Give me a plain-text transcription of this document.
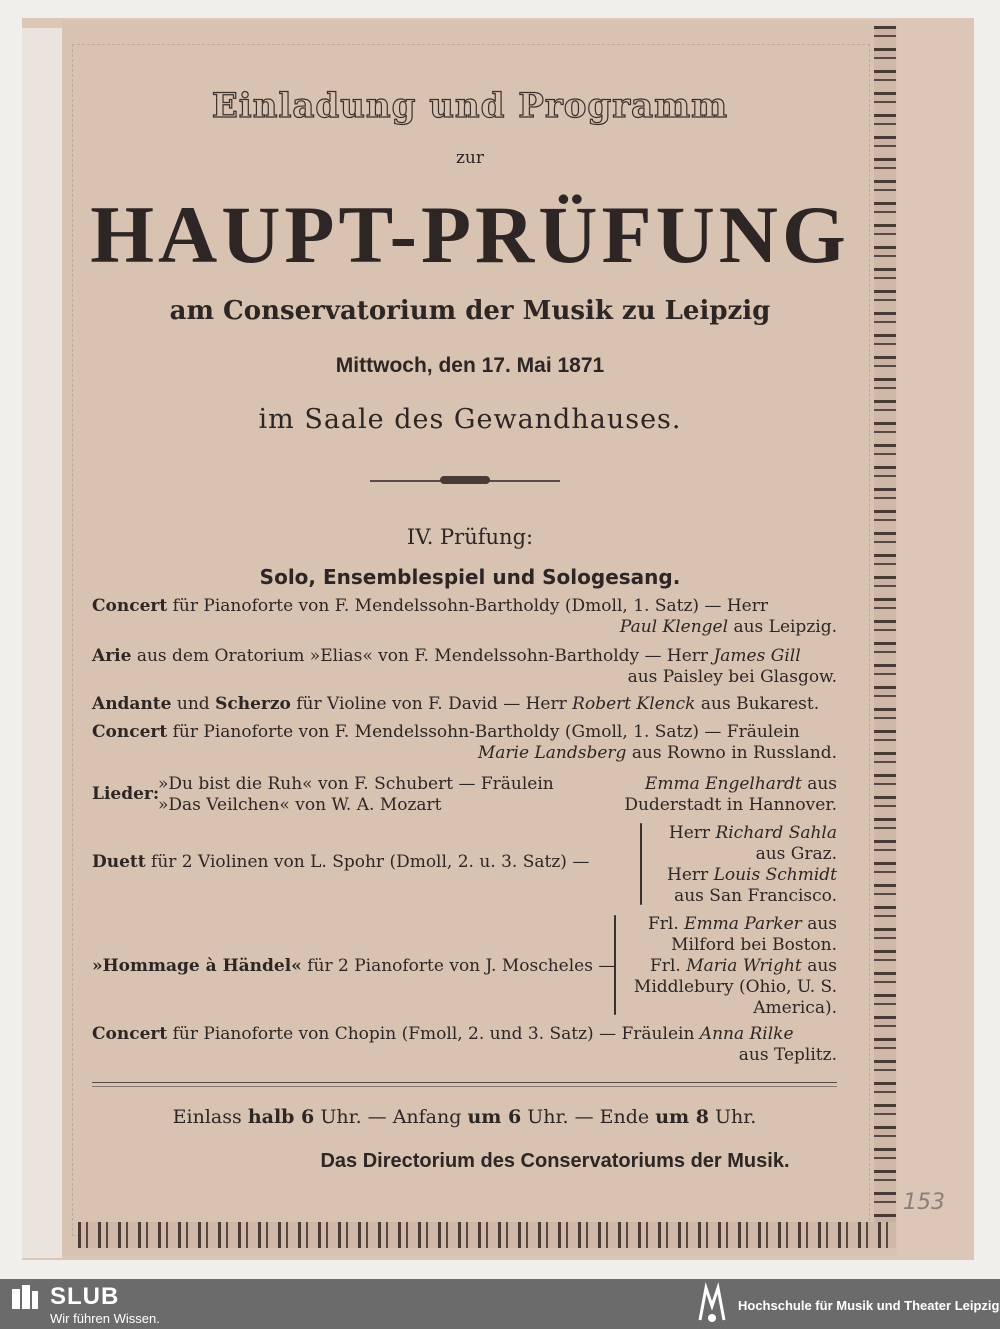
Einladung und Programm
zur
HAUPT-PRÜFUNG
am Conservatorium der Musik zu Leipzig
Mittwoch, den 17. Mai 1871
im Saale des Gewandhauses.
IV. Prüfung:
Solo, Ensemblespiel und Sologesang.
Concert für Pianoforte von F. Mendelssohn-Bartholdy (Dmoll, 1. Satz) — Herr
Paul Klengel aus Leipzig.
Arie aus dem Oratorium »Elias« von F. Mendelssohn-Bartholdy — Herr James Gill
aus Paisley bei Glasgow.
Andante und Scherzo für Violine von F. David — Herr Robert Klenck aus Bukarest.
Concert für Pianoforte von F. Mendelssohn-Bartholdy (Gmoll, 1. Satz) — Fräulein
Marie Landsberg aus Rowno in Russland.
Lieder:
»Du bist die Ruh« von F. Schubert — Fräulein	Emma Engelhardt aus
»Das Veilchen« von W. A. Mozart	Duderstadt in Hannover.
Duett für 2 Violinen von L. Spohr (Dmoll, 2. u. 3. Satz) —
Herr Richard Sahla
aus Graz.
Herr Louis Schmidt
aus San Francisco.
»Hommage à Händel« für 2 Pianoforte von J. Moscheles —
Frl. Emma Parker aus
Milford bei Boston.
Frl. Maria Wright aus
Middlebury (Ohio, U. S.
America).
Concert für Pianoforte von Chopin (Fmoll, 2. und 3. Satz) — Fräulein Anna Rilke
aus Teplitz.
Einlass halb 6 Uhr. — Anfang um 6 Uhr. — Ende um 8 Uhr.
Das Directorium des Conservatoriums der Musik.
153
SLUB
Wir führen Wissen.
Hochschule für Musik und Theater Leipzig
